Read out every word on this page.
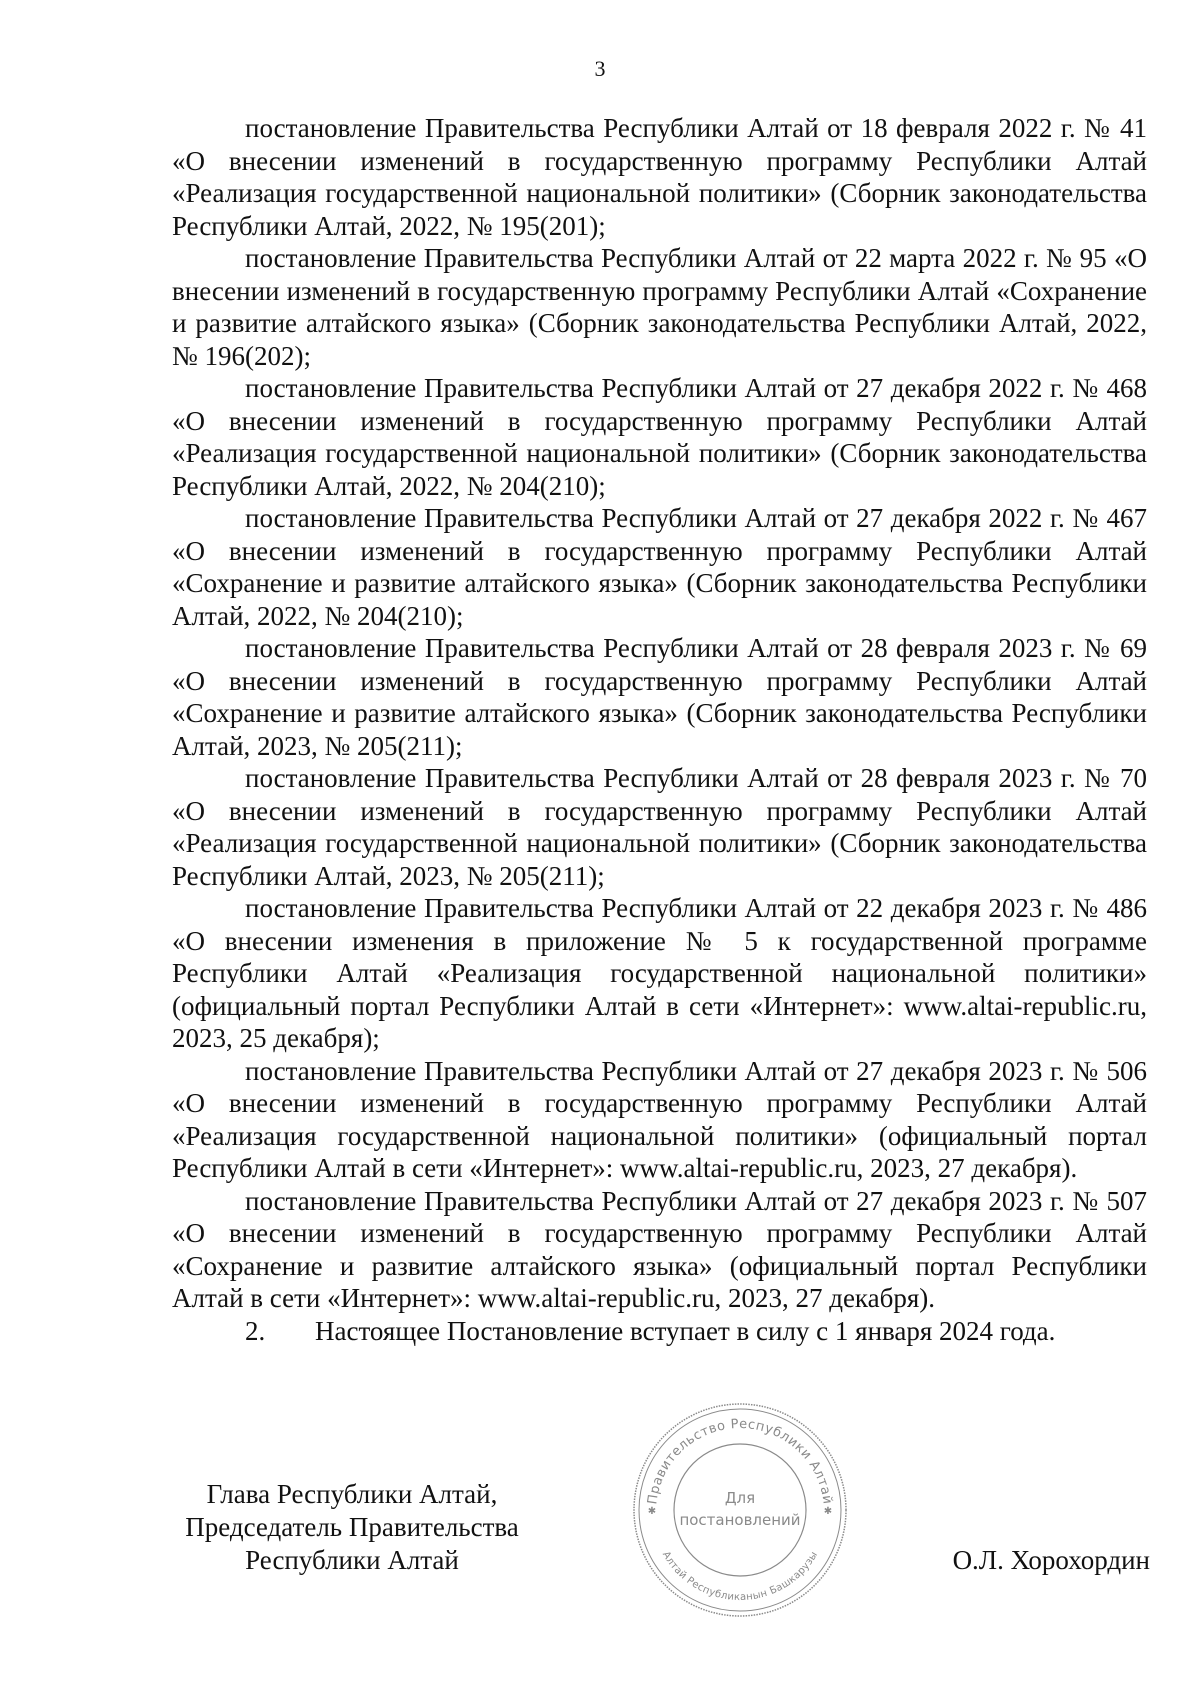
3

постановление Правительства Республики Алтай от 18 февраля 2022 г. № 41 «О внесении изменений в государственную программу Республики Алтай «Реализация государственной национальной политики» (Сборник законодательства Республики Алтай, 2022, № 195(201);

постановление Правительства Республики Алтай от 22 марта 2022 г. № 95 «О внесении изменений в государственную программу Республики Алтай «Сохранение и развитие алтайского языка» (Сборник законодательства Республики Алтай, 2022, № 196(202);

постановление Правительства Республики Алтай от 27 декабря 2022 г. № 468 «О внесении изменений в государственную программу Республики Алтай «Реализация государственной национальной политики» (Сборник законодательства Республики Алтай, 2022, № 204(210);

постановление Правительства Республики Алтай от 27 декабря 2022 г. № 467 «О внесении изменений в государственную программу Республики Алтай «Сохранение и развитие алтайского языка» (Сборник законодательства Республики Алтай, 2022, № 204(210);

постановление Правительства Республики Алтай от 28 февраля 2023 г. № 69 «О внесении изменений в государственную программу Республики Алтай «Сохранение и развитие алтайского языка» (Сборник законодательства Республики Алтай, 2023, № 205(211);

постановление Правительства Республики Алтай от 28 февраля 2023 г. № 70 «О внесении изменений в государственную программу Республики Алтай «Реализация государственной национальной политики» (Сборник законодательства Республики Алтай, 2023, № 205(211);

постановление Правительства Республики Алтай от 22 декабря 2023 г. № 486 «О внесении изменения в приложение № 5 к государственной программе Республики Алтай «Реализация государственной национальной политики» (официальный портал Республики Алтай в сети «Интернет»: www.altai-republic.ru, 2023, 25 декабря);

постановление Правительства Республики Алтай от 27 декабря 2023 г. № 506 «О внесении изменений в государственную программу Республики Алтай «Реализация государственной национальной политики» (официальный портал Республики Алтай в сети «Интернет»: www.altai-republic.ru, 2023, 27 декабря).

постановление Правительства Республики Алтай от 27 декабря 2023 г. № 507 «О внесении изменений в государственную программу Республики Алтай «Сохранение и развитие алтайского языка» (официальный портал Республики Алтай в сети «Интернет»: www.altai-republic.ru, 2023, 27 декабря).

2. Настоящее Постановление вступает в силу с 1 января 2024 года.

Глава Республики Алтай,
Председатель Правительства
Республики Алтай
Правительство Республики Алтай
Алтай Республиканын Башкарузы
✱	✱
Для
постановлений
О.Л. Хорохордин
